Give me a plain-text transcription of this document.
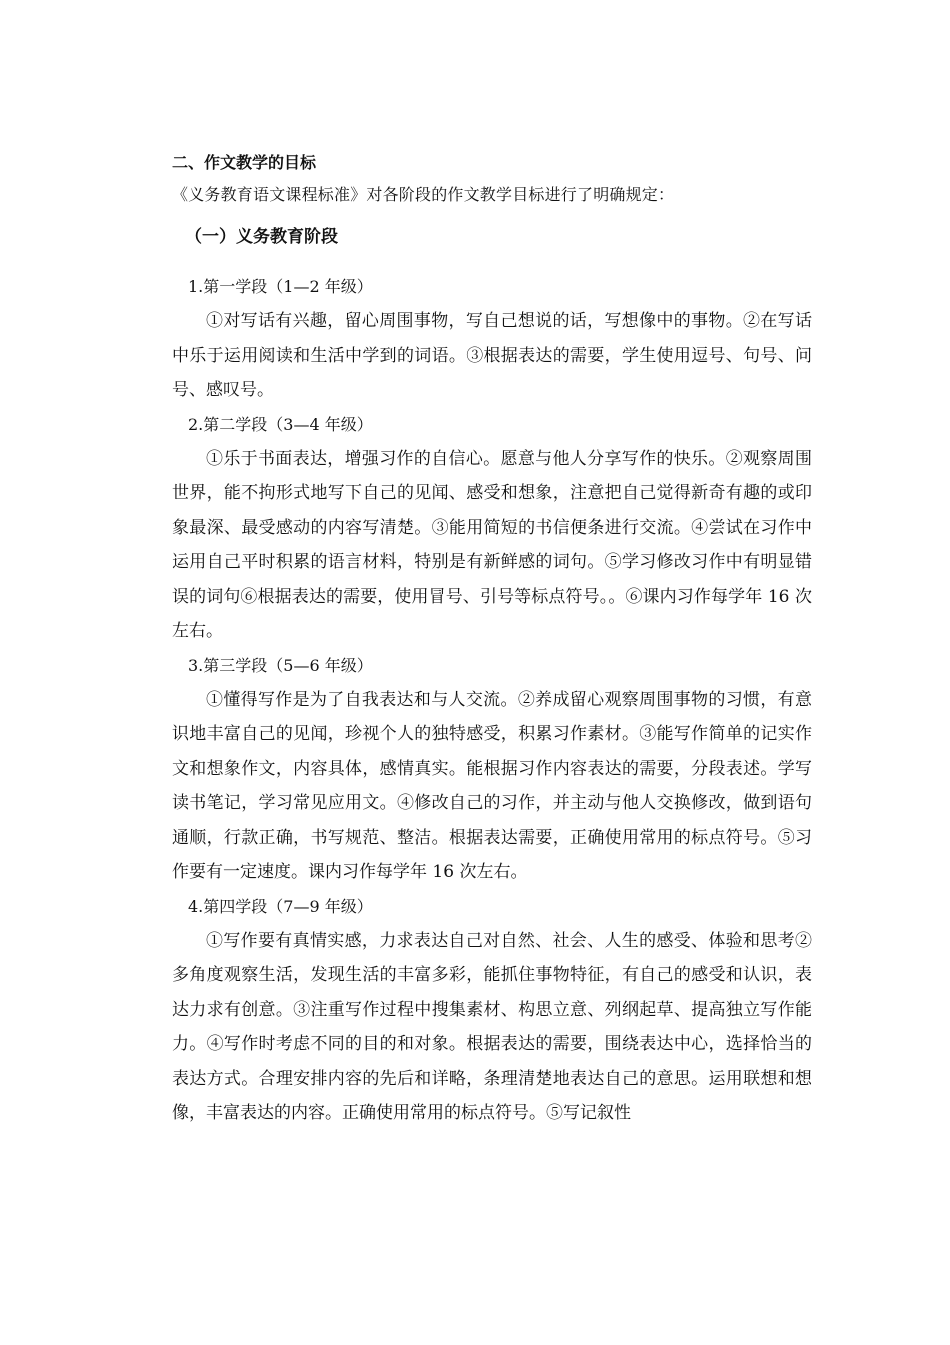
二、作文教学的目标

《义务教育语文课程标准》对各阶段的作文教学目标进行了明确规定：

（一）义务教育阶段

1.第一学段（1—2 年级）

①对写话有兴趣，留心周围事物，写自己想说的话，写想像中的事物。②在写话中乐于运用阅读和生活中学到的词语。③根据表达的需要，学生使用逗号、句号、问号、感叹号。

2.第二学段（3—4 年级）

①乐于书面表达，增强习作的自信心。愿意与他人分享写作的快乐。②观察周围世界，能不拘形式地写下自己的见闻、感受和想象，注意把自己觉得新奇有趣的或印象最深、最受感动的内容写清楚。③能用简短的书信便条进行交流。④尝试在习作中运用自己平时积累的语言材料，特别是有新鲜感的词句。⑤学习修改习作中有明显错误的词句⑥根据表达的需要，使用冒号、引号等标点符号。。⑥课内习作每学年 16 次左右。

3.第三学段（5—6 年级）

①懂得写作是为了自我表达和与人交流。②养成留心观察周围事物的习惯，有意识地丰富自己的见闻，珍视个人的独特感受，积累习作素材。③能写作简单的记实作文和想象作文，内容具体，感情真实。能根据习作内容表达的需要，分段表述。学写读书笔记，学习常见应用文。④修改自己的习作，并主动与他人交换修改，做到语句通顺，行款正确，书写规范、整洁。根据表达需要，正确使用常用的标点符号。⑤习作要有一定速度。课内习作每学年 16 次左右。

4.第四学段（7—9 年级）

①写作要有真情实感，力求表达自己对自然、社会、人生的感受、体验和思考②多角度观察生活，发现生活的丰富多彩，能抓住事物特征，有自己的感受和认识，表达力求有创意。③注重写作过程中搜集素材、构思立意、列纲起草、提高独立写作能力。④写作时考虑不同的目的和对象。根据表达的需要，围绕表达中心，选择恰当的表达方式。合理安排内容的先后和详略，条理清楚地表达自己的意思。运用联想和想像，丰富表达的内容。正确使用常用的标点符号。⑤写记叙性
